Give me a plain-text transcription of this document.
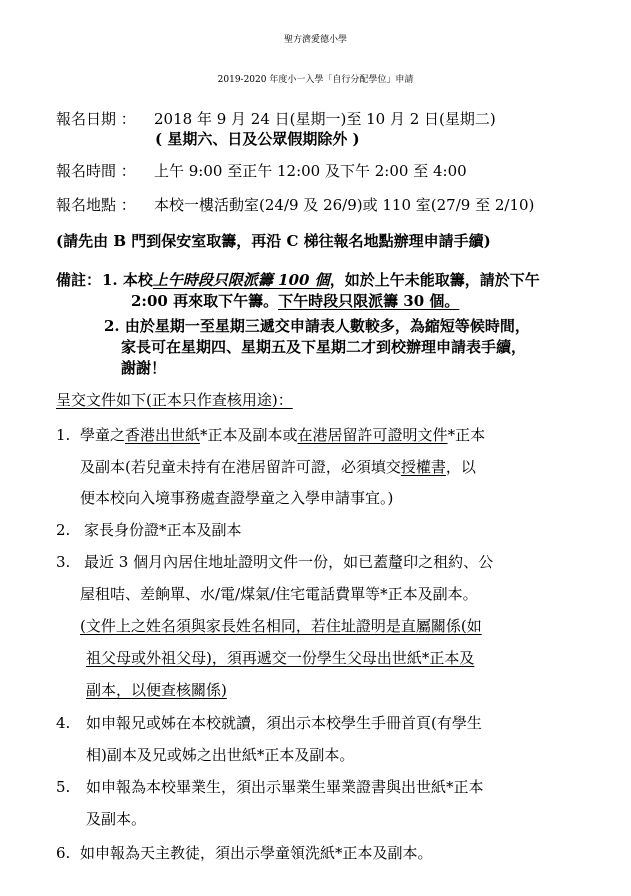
聖方濟愛德小學
2019-2020 年度小一入學「自行分配學位」申請
報名日期 ： 2018 年 9 月 24 日(星期一)至 10 月 2 日(星期二)
( 星期六、日及公眾假期除外 )
報名時間 ： 上午 9:00 至正午 12:00 及下午 2:00 至 4:00
報名地點 ： 本校一樓活動室(24/9 及 26/9)或 110 室(27/9 至 2/10)
(請先由 B 門到保安室取籌，再沿 C 梯往報名地點辦理申請手續)
備註： 1. 本校上午時段只限派籌 100 個，如於上午未能取籌，請於下午
2:00 再來取下午籌。下午時段只限派籌 30 個。
2. 由於星期一至星期三遞交申請表人數較多，為縮短等候時間，
家長可在星期四、星期五及下星期二才到校辦理申請表手續，
謝謝！
呈交文件如下(正本只作查核用途)：
1. 學童之香港出世紙*正本及副本或在港居留許可證明文件*正本
及副本(若兒童未持有在港居留許可證，必須填交授權書，以
便本校向入境事務處查證學童之入學申請事宜。)
2. 家長身份證*正本及副本
3. 最近 3 個月內居住地址證明文件一份，如已蓋釐印之租約、公
屋租咭、差餉單、水/電/煤氣/住宅電話費單等*正本及副本。
(文件上之姓名須與家長姓名相同，若住址證明是直屬關係(如
祖父母或外祖父母)，須再遞交一份學生父母出世紙*正本及
副本，以便查核關係)
4. 如申報兄或姊在本校就讀，須出示本校學生手冊首頁(有學生
相)副本及兄或姊之出世紙*正本及副本。
5. 如申報為本校畢業生，須出示畢業生畢業證書與出世紙*正本
及副本。
6. 如申報為天主教徒，須出示學童領洗紙*正本及副本。
